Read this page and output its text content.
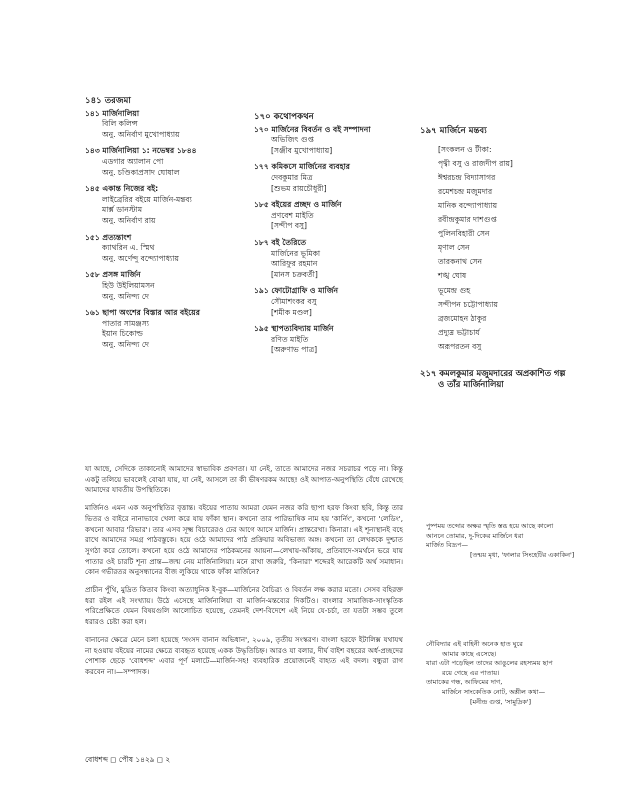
১৪১ তরজমা
১৪১ মার্জিনালিয়া
বিলি কলিন্স
অনু. অনির্বাণ মুখোপাধ্যায়
১৪৩ মার্জিনালিয়া ১: নভেম্বর ১৮৪৪
এডগার অ্যালান পো
অনু. চণ্ডিকাপ্রসাদ ঘোষাল
১৪৫ একান্ত নিজের বই:
লাইব্রেরির বইয়ে মার্জিন-মন্তব্য
মার্ক্স ডানস্টাম
অনু. অনির্বাণ রায়
১৫১ প্রত্যন্তাংশ
ক্যাথরিন এ. স্মিথ
অনু. অর্ণেন্দু বন্দ্যোপাধ্যায়
১৫৮ প্রসঙ্গ মার্জিন
হিউ উইলিয়ামসন
অনু. অনিন্দ্য দে
১৬১ ছাপা অংশের বিস্তার আর বইয়ের
পাতার সামঞ্জস্য
ইয়ান চিকোল্ড
অনু. অনিন্দ্য দে
১৭০ কথোপকথন
১৭০ মার্জিনের বিবর্তন ও বই সম্পাদনা
অভিজিৎ গুপ্ত
[সঞ্জীব মুখোপাধ্যায়]
১৭৭ কমিকসে মার্জিনের ব্যবহার
দেবকুমার মিত্র
[শুভম রায়চৌধুরী]
১৮৫ বইয়ের প্রচ্ছদ ও মার্জিন
প্রণবেশ মাইতি
[সন্দীপ বসু]
১৮৭ বই তৈরিতে
মার্জিনের ভূমিকা
আরিফুর রহমান
[মানস চক্রবর্তী]
১৯১ ফোটোগ্রাফি ও মার্জিন
সৌমাশংকর বসু
[শমীক মণ্ডল]
১৯৫ স্থাপত্যবিদ্যায় মার্জিন
রণিত মাইতি
[অরুণাভ পাত্র]
১৯৭ মার্জিনে মন্তব্য
[সংকলন ও টীকা:
পৃথ্বী বসু ও রাজদীপ রায়]
ঈশ্বরচন্দ্র বিদ্যাসাগর
রমেশচন্দ্র মজুমদার
মানিক বন্দ্যোপাধ্যায়
রবীন্দ্রকুমার দাশগুপ্ত
পুলিনবিহারী সেন
মৃণাল সেন
তারকনাথ সেন
শঙ্খ ঘোষ
ভূমেন্দ্র গুহ
সন্দীপন চট্টোপাধ্যায়
ব্রজমোহন ঠাকুর
প্রদ্যুম্ন ভট্টাচার্য
অরূপরতন বসু
২১৭ কমলকুমার মজুমদারের অপ্রকাশিত গল্প
ও তাঁর মার্জিনালিয়া

যা আছে, সেদিকে তাকানোই আমাদের স্বাভাবিক প্রবণতা। যা নেই, তাতে আমাদের নজর সচরাচর পড়ে না। কিন্তু একটু তলিয়ে ভাবলেই বোঝা যায়, যা নেই, আসলে তা কী ভীষণরকম আছে! ওই আপাত-অনুপস্থিতি বেঁধে রেখেছে আমাদের যাবতীয় উপস্থিতিকে।

মার্জিনও এমন এক অনুপস্থিতির বৃত্তান্ত। বইয়ের পাতায় আমরা যেমন নজর করি ছাপা হরফ কিংবা ছবি, কিন্তু তার ভিতর ও বাইরে নানাভাবে খেলা করে যায় ফাঁকা স্থান। কখনো তার পারিভাষিক নাম হয় 'কার্নিং', কখনো 'লেডিং', কখনো আবার 'রিভার'। তার এসব সূক্ষ্ম বিচারেরও ঢের আগে আসে মার্জিন। প্রান্তরেখা। কিনারা। এই শূন্যস্থানই বহে রাখে আমাদের সমগ্র পাঠবস্তুকে। হয়ে ওঠে আমাদের পাঠ প্রক্রিয়ার অবিভাজ্য অঙ্গ। কখনো তা লেখককে দুশ্চাত সুগঠা করে তোলে। কখনো হয়ে ওঠে আমাদের পাঠকমনের আয়না—লেখায়-আঁকায়, প্রতিবাদে-সমর্থনে ভরে যায় পাতার ওই চারটি শূন্য প্রান্ত—জন্ম নেয় মার্জিনালিয়া। মনে রাখা জরুরি, 'কিনারা' শব্দেরই আরেকটি অর্থ সমাধান। কোন গভীরতর অনুসন্ধানের বীজ লুকিয়ে থাকে ফাঁকা মার্জিনে?

প্রাচীন পুঁথি, মুদ্রিত কিতাব কিংবা অত্যাধুনিক ই-বুক—মার্জিনের বৈচিত্র্য ও বিবর্তন লক্ষ করার মতো। সেসব বহিরক্ত ধরা রইল এই সংখ্যায়। উঠে এসেছে মার্জিনালিয়া বা মার্জিন-মন্তব্যের দিকটিও। বাংলার সামাজিক-সাংস্কৃতিক পরিপ্রেক্ষিতে যেমন বিষয়গুলি আলোচিত হয়েছে, তেমনই দেশ-বিদেশে এই নিয়ে যে-চর্চা, তা যতটা সম্ভব তুলে ধরারও চেষ্টা করা হল।

বানানের ক্ষেত্রে মেনে চলা হয়েছে 'সংসদ বানান অভিধান', ২০০৯, তৃতীয় সংস্করণ। বাংলা হরফে ইটালিক্স যথাযথ না হওয়ায় বইয়ের নামের ক্ষেত্রে ব্যবহৃত হয়েছে একক উদ্ধৃতিচিহ্ন। আরও যা বলার, দীর্ঘ বাইশ বছরের অর্ধ-প্রচ্ছদের পোশাক ছেড়ে 'বোধশব্দ' এবার পূর্ণ মলাটে—মার্জিন-সহ! ব্যবহারিক প্রয়োজনেই বাহ্যত এই বদল। বন্ধুরা রাগ করবেন না।—সম্পাদক।

পুষ্পময় তব্দোর অক্ষর স্মৃতি স্তব্ধ হয়ে আছে কালো
আননে তোমার, দু-দিকের মার্জিনে ধরা
মার্জিত বিদ্রূপ—
[তন্ময় মৃধা, 'ফালার সিংহেটির একাকিন']
নৌবিদ্যার এই বাহিনী অনেক হাত ঘুরে
আমার কাছে এসেছে।
যারা এটা পড়েছিল তাদের আঙুলের রহস্যময় ছাপ
রয়ে গেছে এর পাতায়।
তামাকের গন্ধ, আফিমের দাগ,
মার্জিনে সাংকেতিক নোট, অশ্লীল কথা—
[মনীন্দ্র গুপ্ত, 'সামুদ্রিক']
বোধশব্দ ◻ পৌষ ১৪২৯ ◻ ২
